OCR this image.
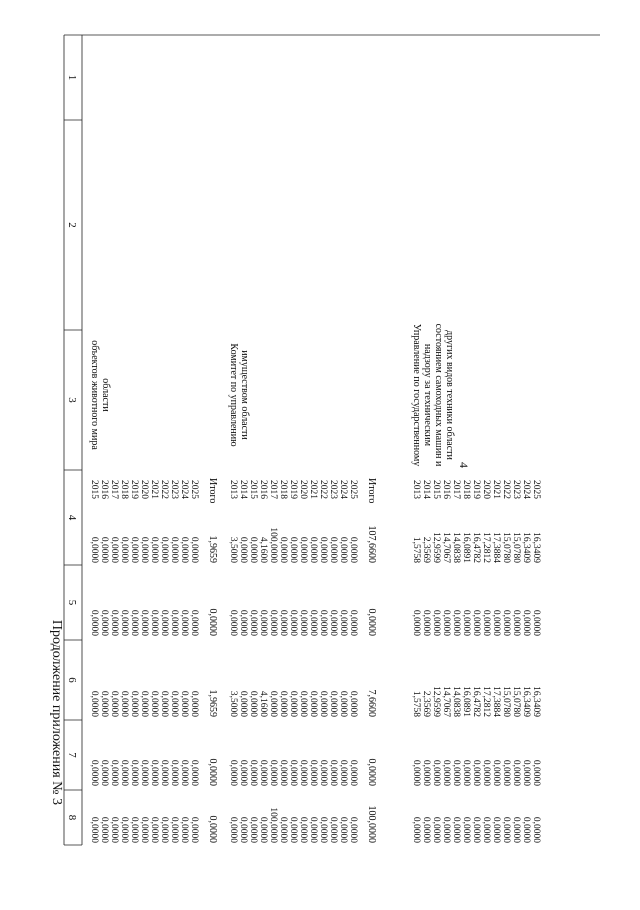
4
Продолжение приложения № 3
1
2
3
4
5
6
7
8
объектов животного мира области
2015
0,0000
0,0000
0,0000
0,0000
0,0000
2016
0,0000
0,0000
0,0000
0,0000
0,0000
2017
0,0000
0,0000
0,0000
0,0000
0,0000
2018
0,0000
0,0000
0,0000
0,0000
0,0000
2019
0,0000
0,0000
0,0000
0,0000
0,0000
2020
0,0000
0,0000
0,0000
0,0000
0,0000
2021
0,0000
0,0000
0,0000
0,0000
0,0000
2022
0,0000
0,0000
0,0000
0,0000
0,0000
2023
0,0000
0,0000
0,0000
0,0000
0,0000
2024
0,0000
0,0000
0,0000
0,0000
0,0000
2025
0,0000
0,0000
0,0000
0,0000
0,0000
Итого
1,9659
0,0000
1,9659
0,0000
0,0000
Комитет по управлению имуществом области
2013
3,5000
0,0000
3,5000
0,0000
0,0000
2014
0,0000
0,0000
0,0000
0,0000
0,0000
2015
0,0000
0,0000
0,0000
0,0000
0,0000
2016
4,1600
0,0000
4,1600
0,0000
0,0000
2017
100,0000
0,0000
0,0000
0,0000
100,0000
2018
0,0000
0,0000
0,0000
0,0000
0,0000
2019
0,0000
0,0000
0,0000
0,0000
0,0000
2020
0,0000
0,0000
0,0000
0,0000
0,0000
2021
0,0000
0,0000
0,0000
0,0000
0,0000
2022
0,0000
0,0000
0,0000
0,0000
0,0000
2023
0,0000
0,0000
0,0000
0,0000
0,0000
2024
0,0000
0,0000
0,0000
0,0000
0,0000
2025
0,0000
0,0000
0,0000
0,0000
0,0000
Итого
107,6600
0,0000
7,6600
0,0000
100,0000
Управление по государственному надзору за техническим состоянием самоходных машин и других видов техники области
2013
1,5758
0,0000
1,5758
0,0000
0,0000
2014
2,3569
0,0000
2,3569
0,0000
0,0000
2015
12,9599
0,0000
12,9599
0,0000
0,0000
2016
14,7067
0,0000
14,7067
0,0000
0,0000
2017
14,0838
0,0000
14,0838
0,0000
0,0000
2018
16,0891
0,0000
16,0891
0,0000
0,0000
2019
16,4782
0,0000
16,4782
0,0000
0,0000
2020
17,2812
0,0000
17,2812
0,0000
0,0000
2021
17,3884
0,0000
17,3884
0,0000
0,0000
2022
15,0780
0,0000
15,0780
0,0000
0,0000
2023
15,0780
0,0000
15,0780
0,0000
0,0000
2024
16,3409
0,0000
16,3409
0,0000
0,0000
2025
16,3409
0,0000
16,3409
0,0000
0,0000
